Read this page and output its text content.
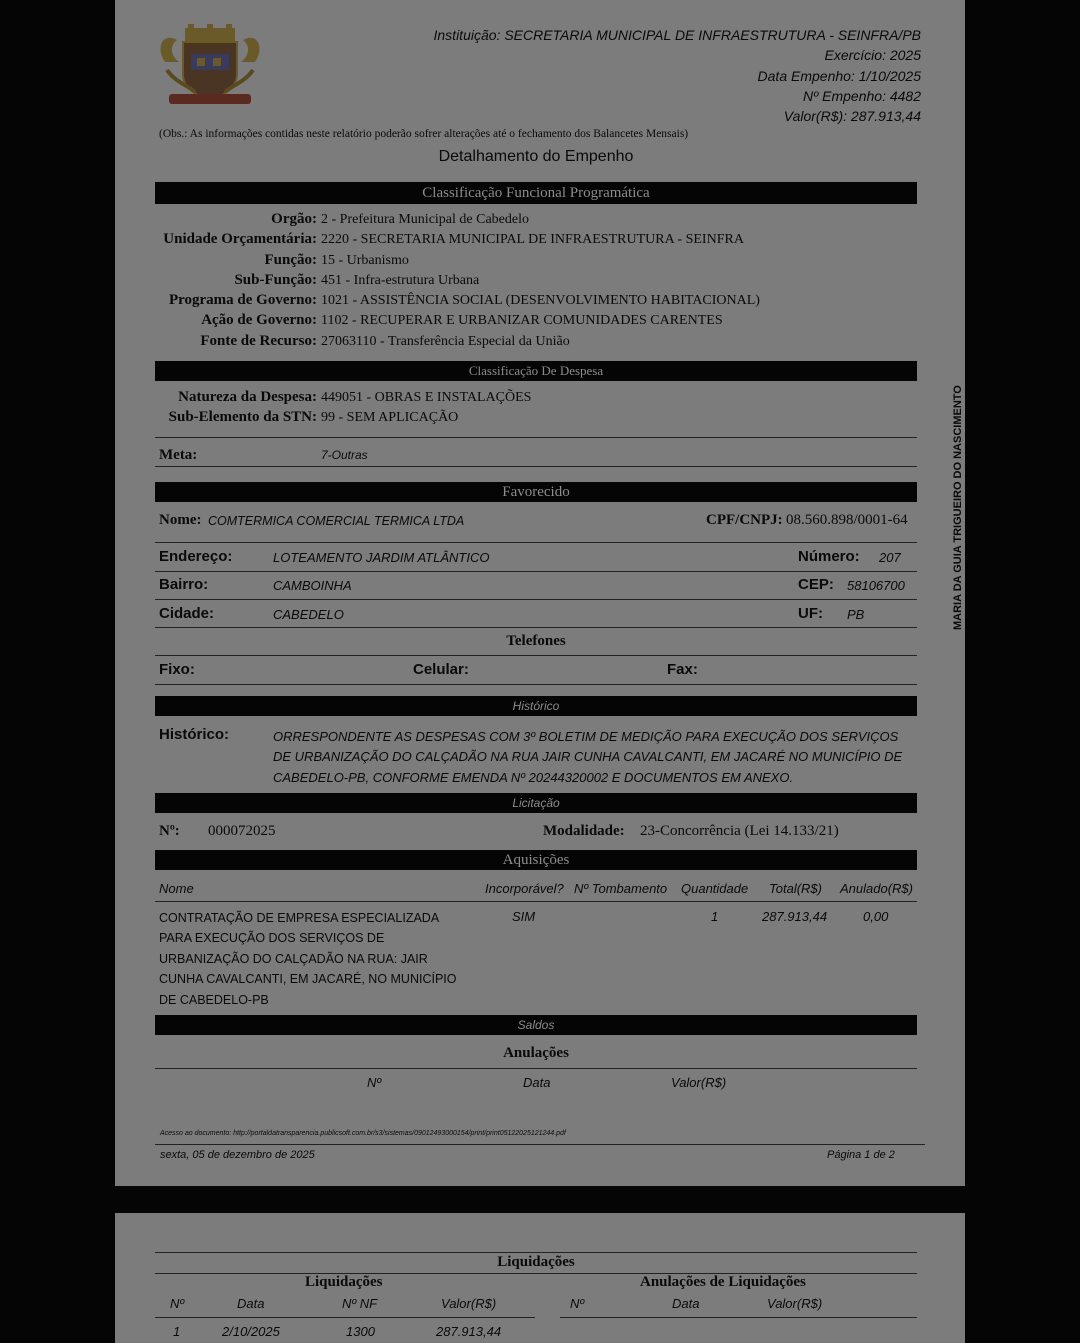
Instituição: SECRETARIA MUNICIPAL DE INFRAESTRUTURA - SEINFRA/PB
Exercício: 2025
Data Empenho: 1/10/2025
Nº Empenho: 4482
Valor(R$): 287.913,44
(Obs.: As informações contidas neste relatório poderão sofrer alterações até o fechamento dos Balancetes Mensais)
Detalhamento do Empenho
Classificação Funcional Programática
Orgão: 2 - Prefeitura Municipal de Cabedelo
Unidade Orçamentária: 2220 - SECRETARIA MUNICIPAL DE INFRAESTRUTURA - SEINFRA
Função: 15 - Urbanismo
Sub-Função: 451 - Infra-estrutura Urbana
Programa de Governo: 1021 - ASSISTÊNCIA SOCIAL (DESENVOLVIMENTO HABITACIONAL)
Ação de Governo: 1102 - RECUPERAR E URBANIZAR COMUNIDADES CARENTES
Fonte de Recurso: 27063110 - Transferência Especial da União
Classificação De Despesa
Natureza da Despesa: 449051 - OBRAS E INSTALAÇÕES
Sub-Elemento da STN: 99 - SEM APLICAÇÃO
Meta:	7-Outras
Favorecido
Nome: COMTERMICA COMERCIAL TERMICA LTDA	CPF/CNPJ: 08.560.898/0001-64
Endereço:	LOTEAMENTO JARDIM ATLÂNTICO	Número: 207
Bairro:	CAMBOINHA	CEP: 58106700
Cidade:	CABEDELO	UF: PB
Telefones
Fixo:	Celular:	Fax:
Histórico
Histórico:	ORRESPONDENTE AS DESPESAS COM 3º BOLETIM DE MEDIÇÃO PARA EXECUÇÃO DOS SERVIÇOS
DE URBANIZAÇÃO DO CALÇADÃO NA RUA JAIR CUNHA CAVALCANTI, EM JACARÉ NO MUNICÍPIO DE
CABEDELO-PB, CONFORME EMENDA Nº 20244320002 E DOCUMENTOS EM ANEXO.
Licitação
Nº: 000072025	Modalidade: 23-Concorrência (Lei 14.133/21)
Aquisições
Nome	Incorporável? Nº Tombamento Quantidade Total(R$) Anulado(R$)
CONTRATAÇÃO DE EMPRESA ESPECIALIZADA
PARA EXECUÇÃO DOS SERVIÇOS DE
URBANIZAÇÃO DO CALÇADÃO NA RUA: JAIR
CUNHA CAVALCANTI, EM JACARÉ, NO MUNICÍPIO
DE CABEDELO-PB
SIM	1	287.913,44	0,00
Saldos
Anulações
Nº	Data	Valor(R$)
Acesso ao documento: http://portaldatransparencia.publicsoft.com.br/s3/sistemas/09012493000154/print/print05122025121244.pdf
sexta, 05 de dezembro de 2025	Página 1 de 2
MARIA DA GUIA TRIGUEIRO DO NASCIMENTO
Liquidações
Liquidações	Anulações de Liquidações
Nº	Data	Nº NF	Valor(R$)	Nº	Data	Valor(R$)
1	2/10/2025	1300	287.913,44
